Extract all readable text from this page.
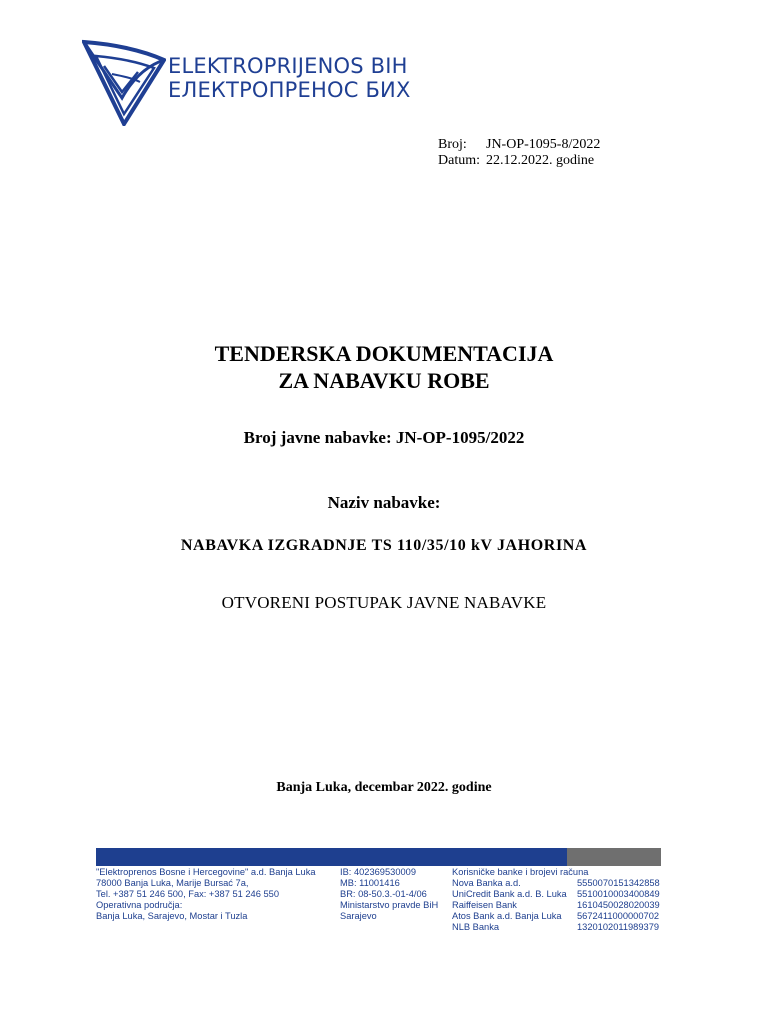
ELEKTROPRIJENOS BIH
ЕЛЕКТРОПРЕНОС БИХ
Broj: JN-OP-1095-8/2022
Datum: 22.12.2022. godine
TENDERSKA DOKUMENTACIJA
ZA NABAVKU ROBE
Broj javne nabavke: JN-OP-1095/2022
Naziv nabavke:
NABAVKA IZGRADNJE TS 110/35/10 kV JAHORINA
OTVORENI POSTUPAK JAVNE NABAVKE
Banja Luka, decembar 2022. godine
"Elektroprenos Bosne i Hercegovine" a.d. Banja Luka
78000 Banja Luka, Marije Bursać 7a,
Tel. +387 51 246 500, Fax: +387 51 246 550
Operativna područja:
Banja Luka, Sarajevo, Mostar i Tuzla
IB: 402369530009
MB: 11001416
BR: 08-50.3.-01-4/06
Ministarstvo pravde BiH
Sarajevo
Korisničke banke i brojevi računa
Nova Banka a.d.
UniCredit Bank a.d. B. Luka
Raiffeisen Bank
Atos Bank a.d. Banja Luka
NLB Banka
5550070151342858
5510010003400849
1610450028020039
5672411000000702
1320102011989379
